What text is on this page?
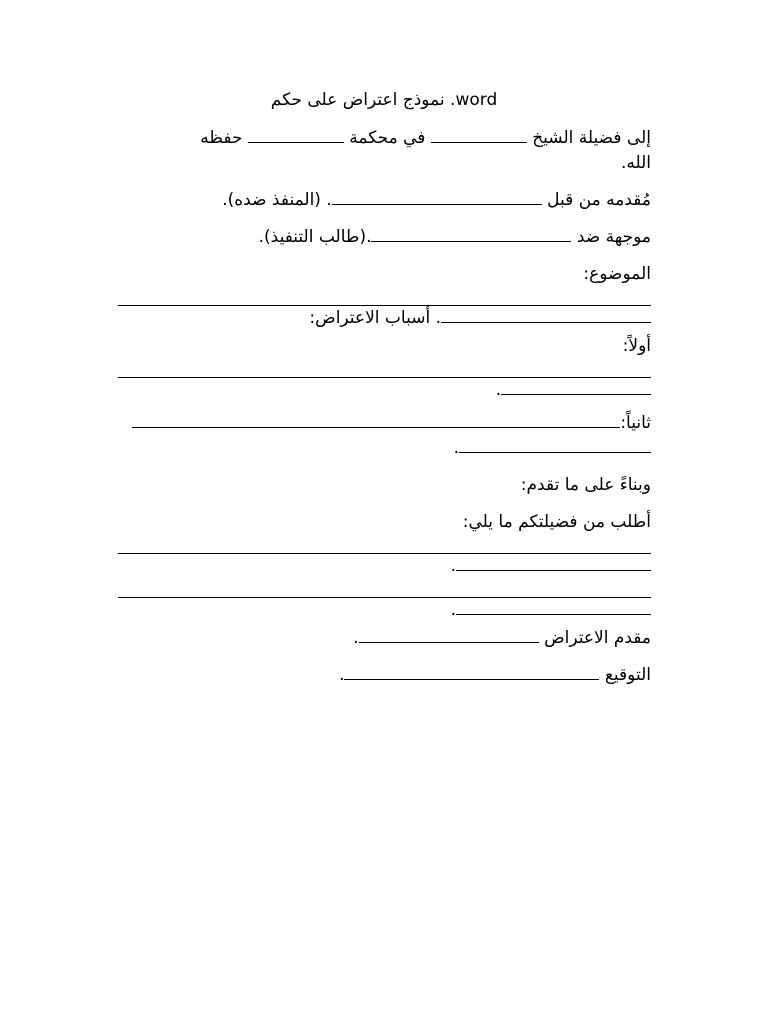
نموذج اعتراض على حكم .word
إلى فضيلة الشيخ  في محكمة  حفظه
الله.
مُقدمه من قبل . (المنفذ ضده).
موجهة ضد .(طالب التنفيذ).
الموضوع:
. أسباب الاعتراض:
أولاً:
.
ثانياً:
.
وبناءً على ما تقدم:
أطلب من فضيلتكم ما يلي:
.
.
مقدم الاعتراض .
التوقيع .
